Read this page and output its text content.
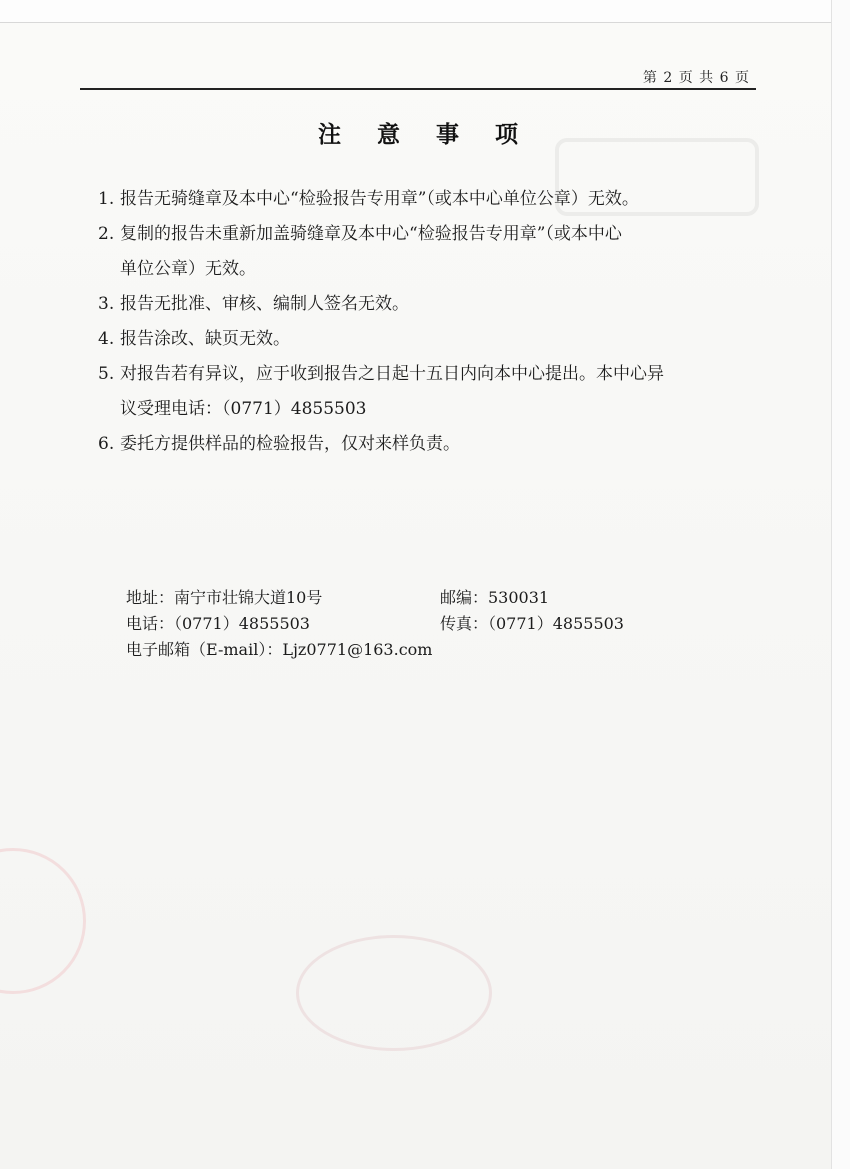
第 2 页 共 6 页
注 意 事 项
1. 报告无骑缝章及本中心“检验报告专用章”（或本中心单位公章）无效。
2. 复制的报告未重新加盖骑缝章及本中心“检验报告专用章”（或本中心
单位公章）无效。
3. 报告无批准、审核、编制人签名无效。
4. 报告涂改、缺页无效。
5. 对报告若有异议，应于收到报告之日起十五日内向本中心提出。本中心异
议受理电话：（0771）4855503
6. 委托方提供样品的检验报告，仅对来样负责。
地址：南宁市壮锦大道10号	邮编：530031
电话：（0771）4855503	传真：（0771）4855503
电子邮箱（E-mail）：Ljz0771@163.com
